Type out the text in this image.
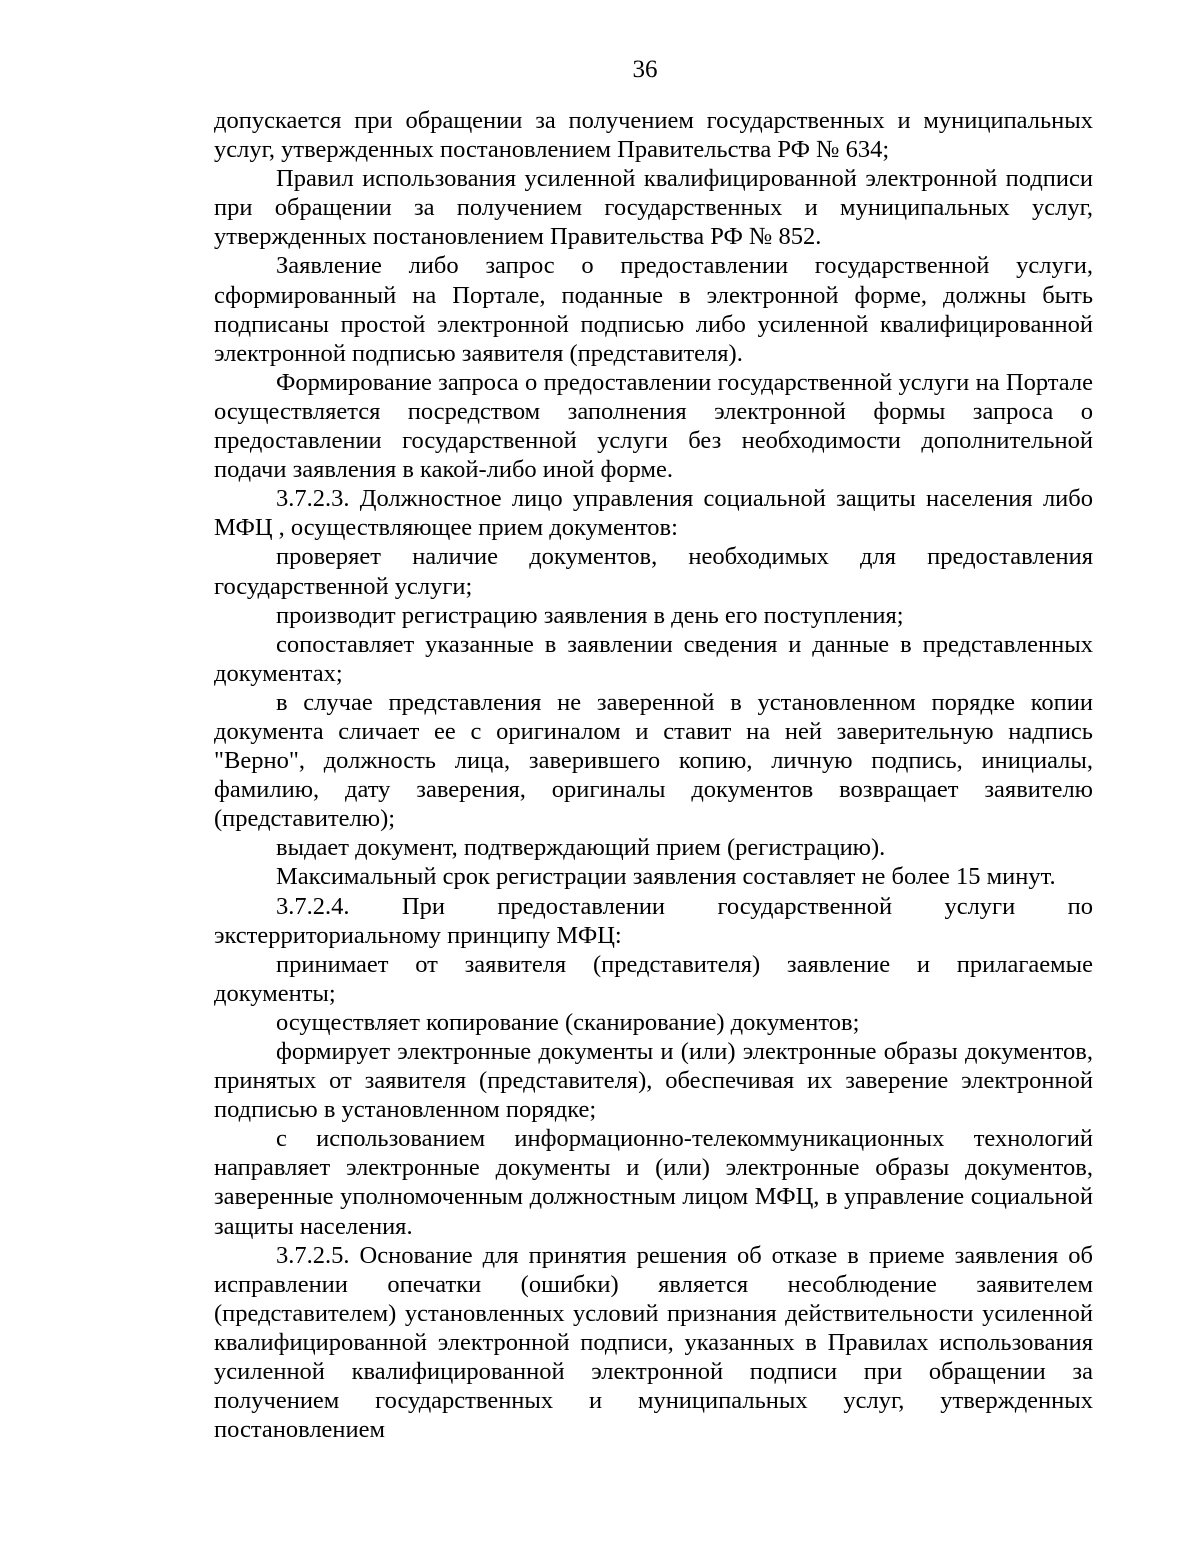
36

допускается при обращении за получением государственных и муниципальных услуг, утвержденных постановлением Правительства РФ № 634;

Правил использования усиленной квалифицированной электронной подписи при обращении за получением государственных и муниципальных услуг, утвержденных постановлением Правительства РФ № 852.

Заявление либо запрос о предоставлении государственной услуги, сформированный на Портале, поданные в электронной форме, должны быть подписаны простой электронной подписью либо усиленной квалифицированной электронной подписью заявителя (представителя).

Формирование запроса о предоставлении государственной услуги на Портале осуществляется посредством заполнения электронной формы запроса о предоставлении государственной услуги без необходимости дополнительной подачи заявления в какой-либо иной форме.

3.7.2.3. Должностное лицо управления социальной защиты населения либо МФЦ , осуществляющее прием документов:

проверяет наличие документов, необходимых для предоставления государственной услуги;

производит регистрацию заявления в день его поступления;

сопоставляет указанные в заявлении сведения и данные в представленных документах;

в случае представления не заверенной в установленном порядке копии документа сличает ее с оригиналом и ставит на ней заверительную надпись "Верно", должность лица, заверившего копию, личную подпись, инициалы, фамилию, дату заверения, оригиналы документов возвращает заявителю (представителю);

выдает документ, подтверждающий прием (регистрацию).

Максимальный срок регистрации заявления составляет не более 15 минут.

3.7.2.4. При предоставлении государственной услуги по экстерриториальному принципу МФЦ:

принимает от заявителя (представителя) заявление и прилагаемые документы;

осуществляет копирование (сканирование) документов;

формирует электронные документы и (или) электронные образы документов, принятых от заявителя (представителя), обеспечивая их заверение электронной подписью в установленном порядке;

с использованием информационно-телекоммуникационных технологий направляет электронные документы и (или) электронные образы документов, заверенные уполномоченным должностным лицом МФЦ, в управление социальной защиты населения.

3.7.2.5. Основание для принятия решения об отказе в приеме заявления об исправлении опечатки (ошибки) является несоблюдение заявителем (представителем) установленных условий признания действительности усиленной квалифицированной электронной подписи, указанных в Правилах использования усиленной квалифицированной электронной подписи при обращении за получением государственных и муниципальных услуг, утвержденных постановлением
